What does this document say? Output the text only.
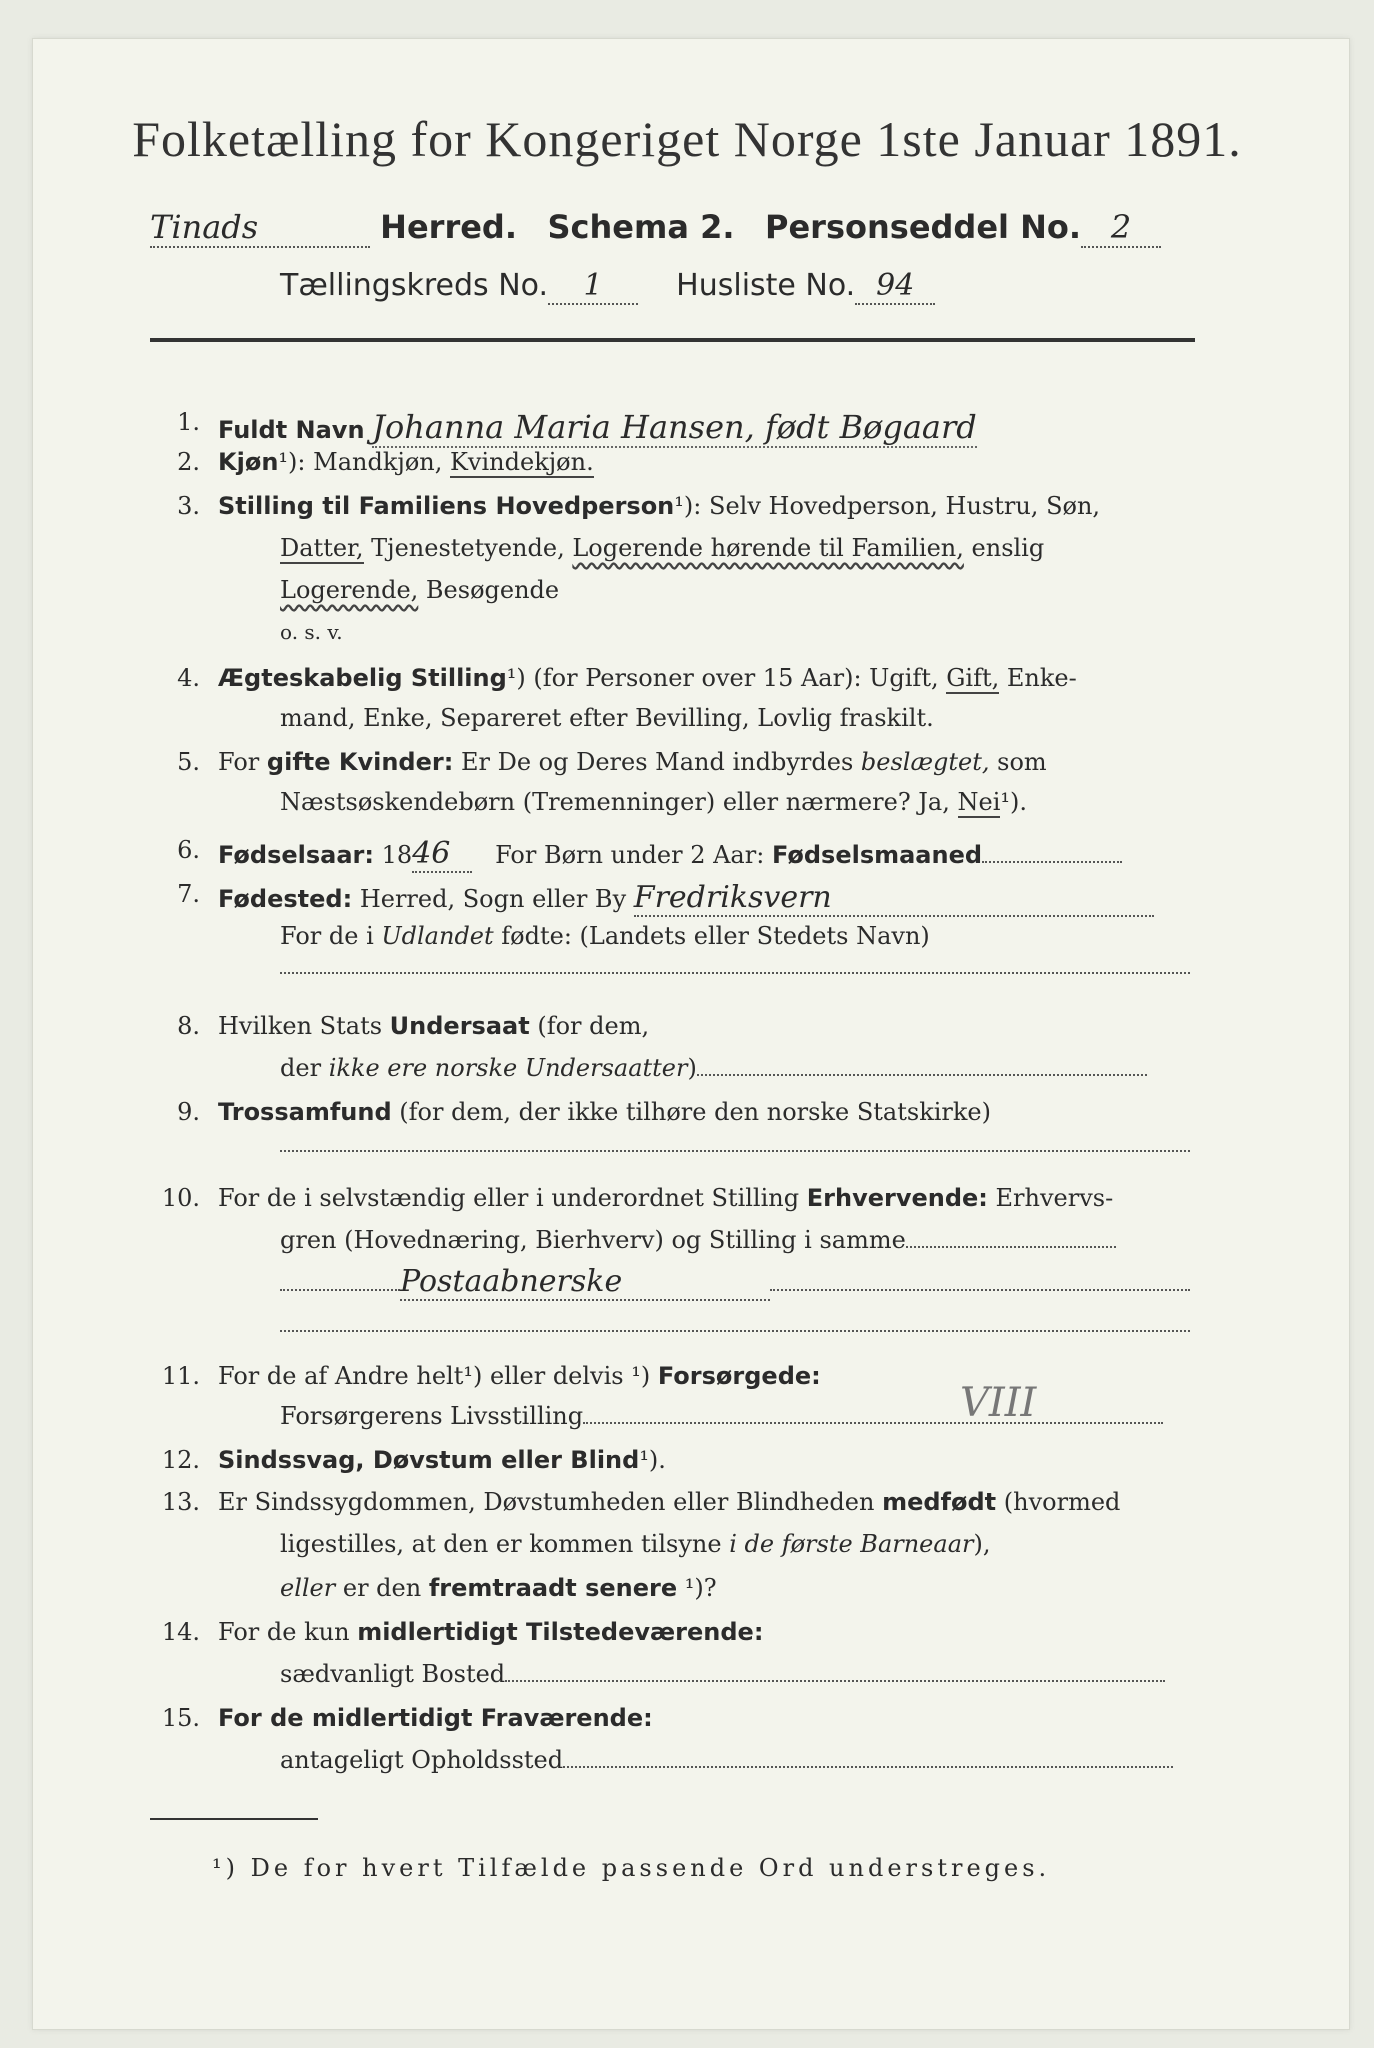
Folketælling for Kongeriget Norge 1ste Januar 1891.
Tinads	Herred. Schema 2. Personseddel No. 2
Tællingskreds No. 1 Husliste No. 94
1. Fuldt Navn Johanna Maria Hansen, født Bøgaard
2. Kjøn¹): Mandkjøn, Kvindekjøn.
3. Stilling til Familiens Hovedperson¹): Selv Hovedperson, Hustru, Søn,
Datter, Tjenestetyende, Logerende hørende til Familien, enslig
Logerende, Besøgende
o. s. v.
4. Ægteskabelig Stilling¹) (for Personer over 15 Aar): Ugift, Gift, Enke-
mand, Enke, Separeret efter Bevilling, Lovlig fraskilt.
5. For gifte Kvinder: Er De og Deres Mand indbyrdes beslægtet, som
Næstsøskendebørn (Tremenninger) eller nærmere? Ja, Nei¹).
6. Fødselsaar: 1846 For Børn under 2 Aar: Fødselsmaaned
7. Fødested: Herred, Sogn eller By Fredriksvern
For de i Udlandet fødte: (Landets eller Stedets Navn)
8. Hvilken Stats Undersaat (for dem,
der ikke ere norske Undersaatter)
9. Trossamfund (for dem, der ikke tilhøre den norske Statskirke)
10. For de i selvstændig eller i underordnet Stilling Erhvervende: Erhvervs-
gren (Hovednæring, Bierhverv) og Stilling i samme
Postaabnerske
11. For de af Andre helt¹) eller delvis ¹) Forsørgede:
VIII
Forsørgerens Livsstilling
12. Sindssvag, Døvstum eller Blind¹).
13. Er Sindssygdommen, Døvstumheden eller Blindheden medfødt (hvormed
ligestilles, at den er kommen tilsyne i de første Barneaar),
eller er den fremtraadt senere ¹)?
14. For de kun midlertidigt Tilstedeværende:
sædvanligt Bosted
15. For de midlertidigt Fraværende:
antageligt Opholdssted
¹) De for hvert Tilfælde passende Ord understreges.
